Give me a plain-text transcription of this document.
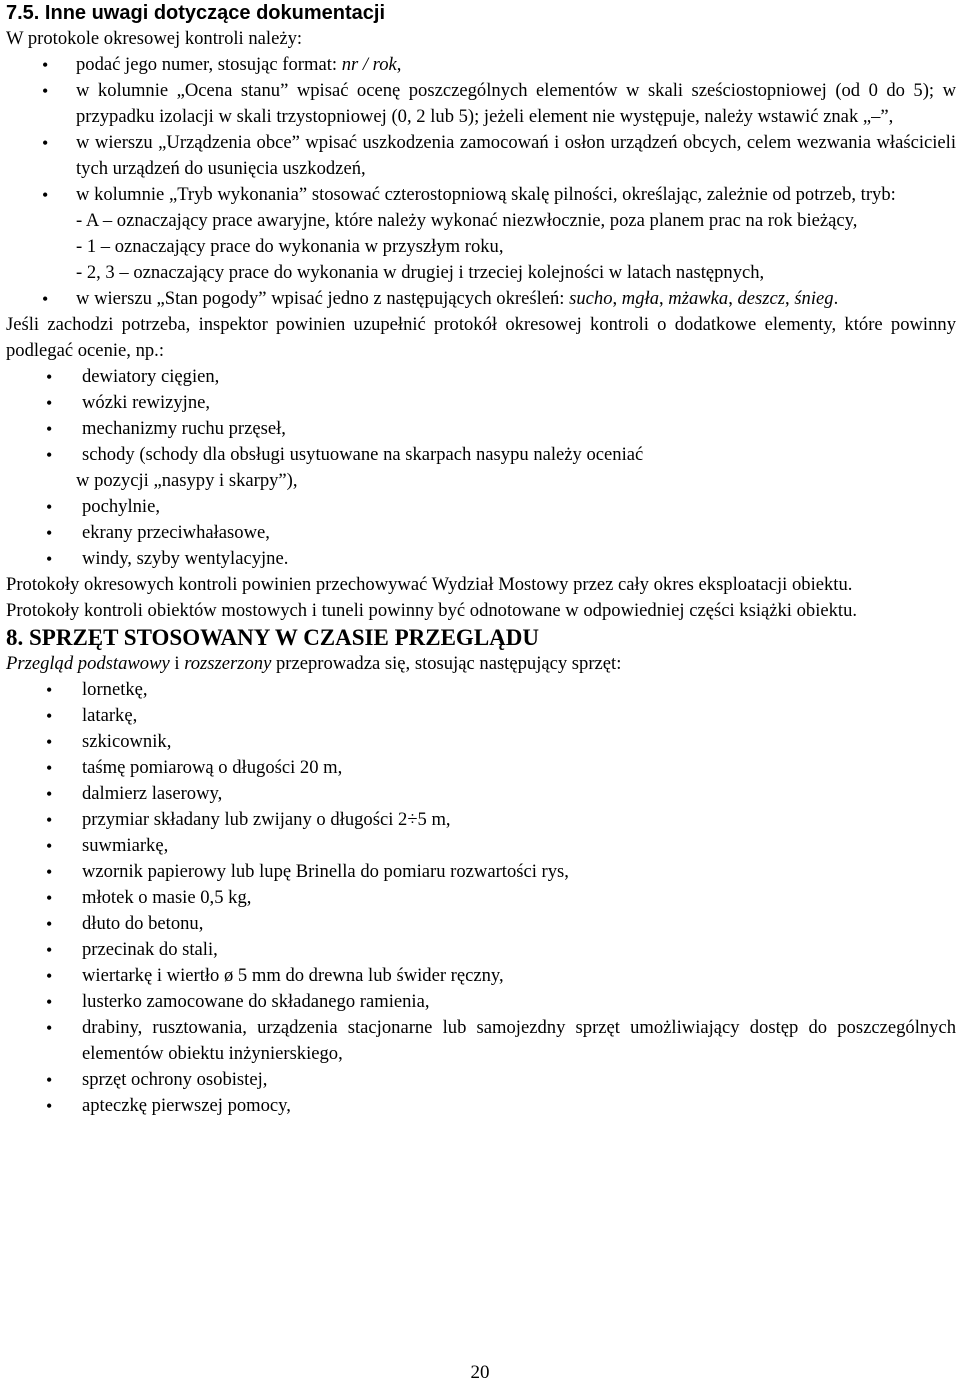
7.5. Inne uwagi dotyczące dokumentacji

W protokole okresowej kontroli należy:

• podać jego numer, stosując format: nr / rok,
• w kolumnie „Ocena stanu” wpisać ocenę poszczególnych elementów w skali sześciostopniowej (od 0 do 5); w przypadku izolacji w skali trzystopniowej (0, 2 lub 5); jeżeli element nie występuje, należy wstawić znak „–”,
• w wierszu „Urządzenia obce” wpisać uszkodzenia zamocowań i osłon urządzeń obcych, celem wezwania właścicieli tych urządzeń do usunięcia uszkodzeń,
• w kolumnie „Tryb wykonania” stosować czterostopniową skalę pilności, określając, zależnie od potrzeb, tryb:
- A – oznaczający prace awaryjne, które należy wykonać niezwłocznie, poza planem prac na rok bieżący,
- 1 – oznaczający prace do wykonania w przyszłym roku,
- 2, 3 – oznaczający prace do wykonania w drugiej i trzeciej kolejności w latach następnych,
• w wierszu „Stan pogody” wpisać jedno z następujących określeń: sucho, mgła, mżawka, deszcz, śnieg.

Jeśli zachodzi potrzeba, inspektor powinien uzupełnić protokół okresowej kontroli o dodatkowe elementy, które powinny podlegać ocenie, np.:

• dewiatory cięgien,
• wózki rewizyjne,
• mechanizmy ruchu przęseł,
• schody (schody dla obsługi usytuowane na skarpach nasypu należy oceniać
w pozycji „nasypy i skarpy”),
• pochylnie,
• ekrany przeciwhałasowe,
• windy, szyby wentylacyjne.

Protokoły okresowych kontroli powinien przechowywać Wydział Mostowy przez cały okres eksploatacji obiektu.

Protokoły kontroli obiektów mostowych i tuneli powinny być odnotowane w odpowiedniej części książki obiektu.

8. SPRZĘT STOSOWANY W CZASIE PRZEGLĄDU

Przegląd podstawowy i rozszerzony przeprowadza się, stosując następujący sprzęt:

• lornetkę,
• latarkę,
• szkicownik,
• taśmę pomiarową o długości 20 m,
• dalmierz laserowy,
• przymiar składany lub zwijany o długości 2÷5 m,
• suwmiarkę,
• wzornik papierowy lub lupę Brinella do pomiaru rozwartości rys,
• młotek o masie 0,5 kg,
• dłuto do betonu,
• przecinak do stali,
• wiertarkę i wiertło ø 5 mm do drewna lub świder ręczny,
• lusterko zamocowane do składanego ramienia,
• drabiny, rusztowania, urządzenia stacjonarne lub samojezdny sprzęt umożliwiający dostęp do poszczególnych elementów obiektu inżynierskiego,
• sprzęt ochrony osobistej,
• apteczkę pierwszej pomocy,
20
